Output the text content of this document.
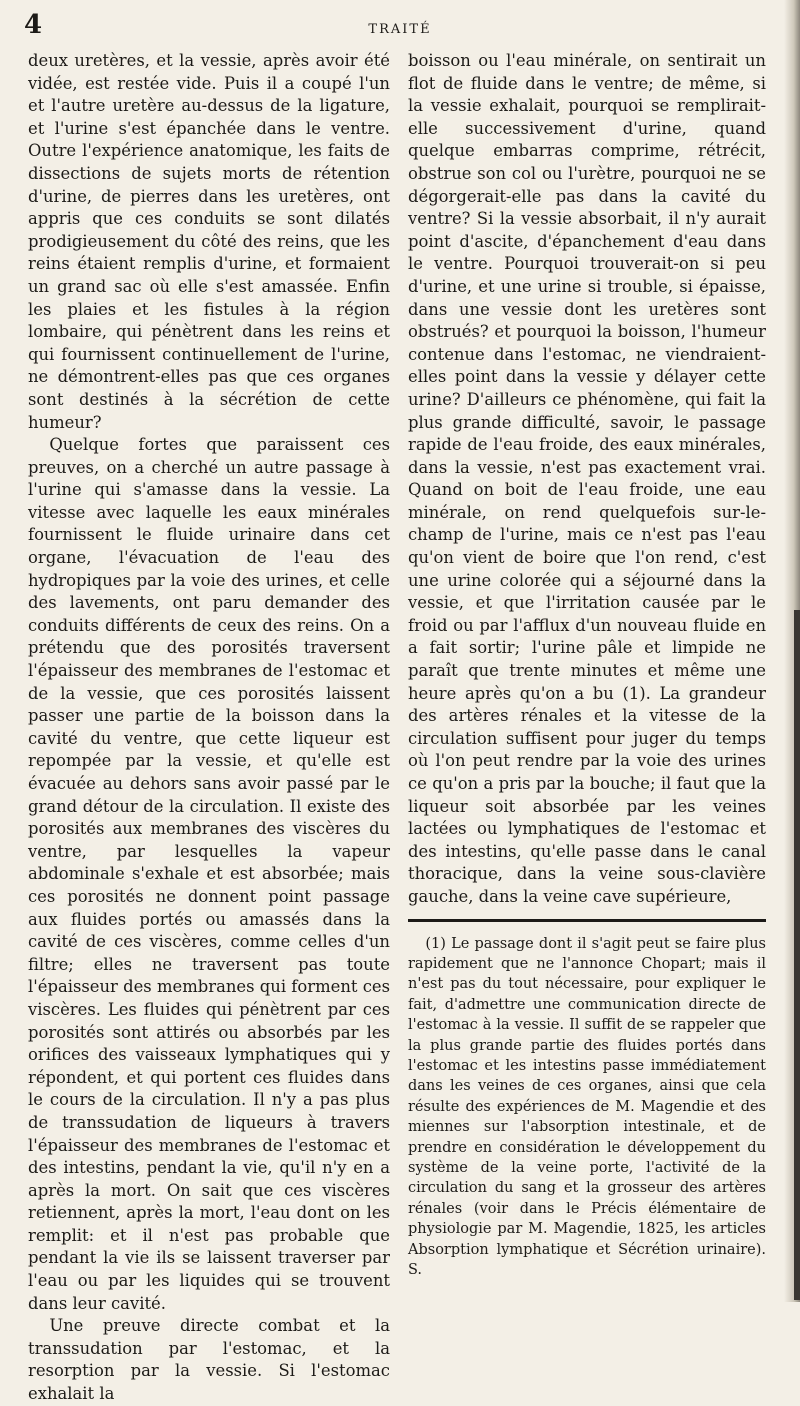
4	TRAITÉ

deux uretères, et la vessie, après avoir été vidée, est restée vide. Puis il a coupé l'un et l'autre uretère au-dessus de la ligature, et l'urine s'est épanchée dans le ventre. Outre l'expérience anatomique, les faits de dissections de sujets morts de rétention d'urine, de pierres dans les uretères, ont appris que ces conduits se sont dilatés prodigieusement du côté des reins, que les reins étaient remplis d'urine, et formaient un grand sac où elle s'est amassée. Enfin les plaies et les fistules à la région lombaire, qui pénètrent dans les reins et qui fournissent continuellement de l'urine, ne démontrent-elles pas que ces organes sont destinés à la sécrétion de cette humeur?

Quelque fortes que paraissent ces preuves, on a cherché un autre passage à l'urine qui s'amasse dans la vessie. La vitesse avec laquelle les eaux minérales fournissent le fluide urinaire dans cet organe, l'évacuation de l'eau des hydropiques par la voie des urines, et celle des lavements, ont paru demander des conduits différents de ceux des reins. On a prétendu que des porosités traversent l'épaisseur des membranes de l'estomac et de la vessie, que ces porosités laissent passer une partie de la boisson dans la cavité du ventre, que cette liqueur est repompée par la vessie, et qu'elle est évacuée au dehors sans avoir passé par le grand détour de la circulation. Il existe des porosités aux membranes des viscères du ventre, par lesquelles la vapeur abdominale s'exhale et est absorbée; mais ces porosités ne donnent point passage aux fluides portés ou amassés dans la cavité de ces viscères, comme celles d'un filtre; elles ne traversent pas toute l'épaisseur des membranes qui forment ces viscères. Les fluides qui pénètrent par ces porosités sont attirés ou absorbés par les orifices des vaisseaux lymphatiques qui y répondent, et qui portent ces fluides dans le cours de la circulation. Il n'y a pas plus de transsudation de liqueurs à travers l'épaisseur des membranes de l'estomac et des intestins, pendant la vie, qu'il n'y en a après la mort. On sait que ces viscères retiennent, après la mort, l'eau dont on les remplit: et il n'est pas probable que pendant la vie ils se laissent traverser par l'eau ou par les liquides qui se trouvent dans leur cavité.

Une preuve directe combat et la transsudation par l'estomac, et la resorption par la vessie. Si l'estomac exhalait la

boisson ou l'eau minérale, on sentirait un flot de fluide dans le ventre; de même, si la vessie exhalait, pourquoi se remplirait-elle successivement d'urine, quand quelque embarras comprime, rétrécit, obstrue son col ou l'urètre, pourquoi ne se dégorgerait-elle pas dans la cavité du ventre? Si la vessie absorbait, il n'y aurait point d'ascite, d'épanchement d'eau dans le ventre. Pourquoi trouverait-on si peu d'urine, et une urine si trouble, si épaisse, dans une vessie dont les uretères sont obstrués? et pourquoi la boisson, l'humeur contenue dans l'estomac, ne viendraient-elles point dans la vessie y délayer cette urine? D'ailleurs ce phénomène, qui fait la plus grande difficulté, savoir, le passage rapide de l'eau froide, des eaux minérales, dans la vessie, n'est pas exactement vrai. Quand on boit de l'eau froide, une eau minérale, on rend quelquefois sur-le-champ de l'urine, mais ce n'est pas l'eau qu'on vient de boire que l'on rend, c'est une urine colorée qui a séjourné dans la vessie, et que l'irritation causée par le froid ou par l'afflux d'un nouveau fluide en a fait sortir; l'urine pâle et limpide ne paraît que trente minutes et même une heure après qu'on a bu (1). La grandeur des artères rénales et la vitesse de la circulation suffisent pour juger du temps où l'on peut rendre par la voie des urines ce qu'on a pris par la bouche; il faut que la liqueur soit absorbée par les veines lactées ou lymphatiques de l'estomac et des intestins, qu'elle passe dans le canal thoracique, dans la veine sous-clavière gauche, dans la veine cave supérieure,

(1) Le passage dont il s'agit peut se faire plus rapidement que ne l'annonce Chopart; mais il n'est pas du tout nécessaire, pour expliquer le fait, d'admettre une communication directe de l'estomac à la vessie. Il suffit de se rappeler que la plus grande partie des fluides portés dans l'estomac et les intestins passe immédiatement dans les veines de ces organes, ainsi que cela résulte des expériences de M. Magendie et des miennes sur l'absorption intestinale, et de prendre en considération le développement du système de la veine porte, l'activité de la circulation du sang et la grosseur des artères rénales (voir dans le Précis élémentaire de physiologie par M. Magendie, 1825, les articles Absorption lymphatique et Sécrétion urinaire). S.
